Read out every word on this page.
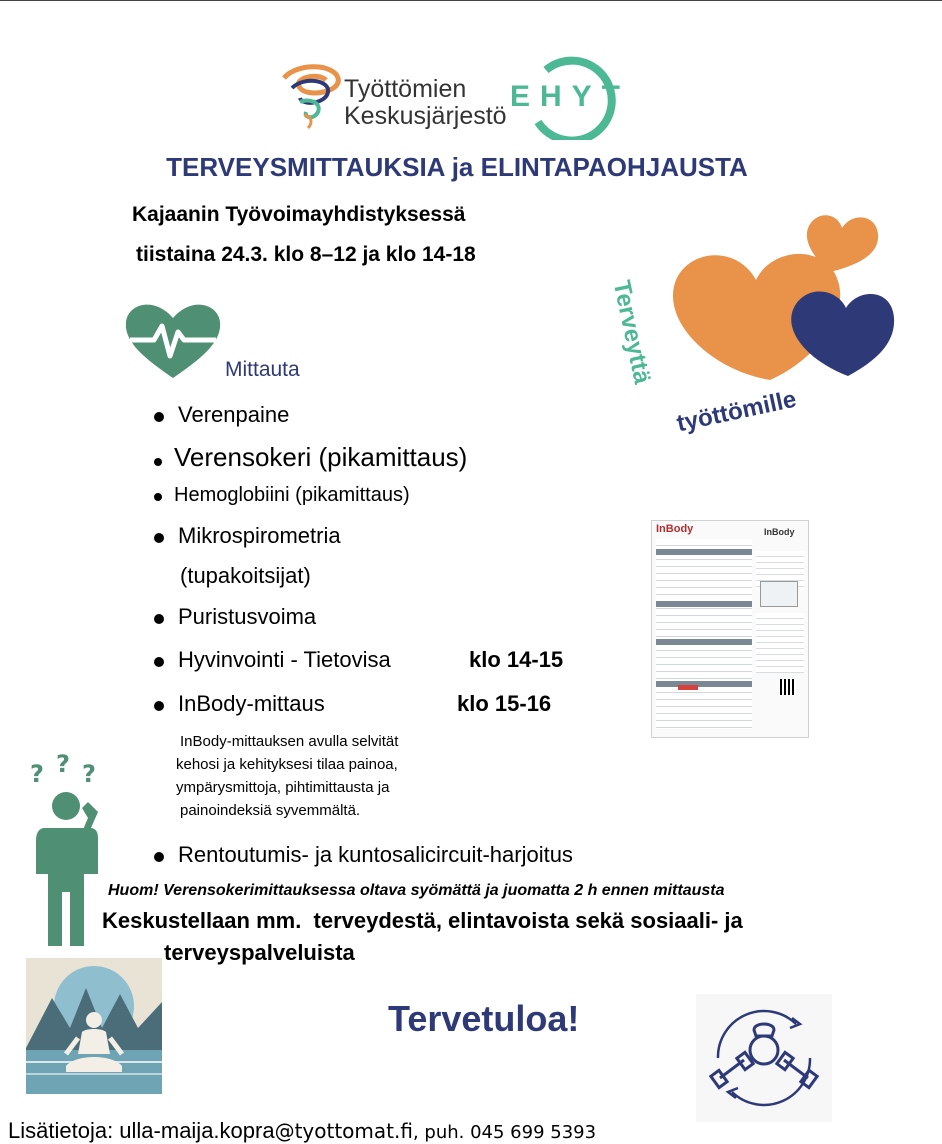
Työttömien
Keskusjärjestö
EHYT
TERVEYSMITTAUKSIA ja ELINTAPAOHJAUSTA
Kajaanin Työvoimayhdistyksessä
tiistaina 24.3. klo 8–12 ja klo 14-18
Terveyttä
työttömille
Mittauta
Verenpaine
Verensokeri (pikamittaus)
Hemoglobiini (pikamittaus)
Mikrospirometria
(tupakoitsijat)
Puristusvoima
Hyvinvointi - Tietovisa	klo 14-15
InBody-mittaus	klo 15-16
InBody-mittauksen avulla selvität
kehosi ja kehityksesi tilaa painoa,
ympärysmittoja, pihtimittausta ja
painoindeksiä syvemmältä.
Rentoutumis- ja kuntosalicircuit-harjoitus
InBody	InBody
? ? ?
Huom! Verensokerimittauksessa oltava syömättä ja juomatta 2 h ennen mittausta
Keskustellaan mm.  terveydestä, elintavoista sekä sosiaali- ja
terveyspalveluista
Tervetuloa!
Lisätietoja: ulla-maija.kopra@tyottomat.fi, puh. 045 699 5393
